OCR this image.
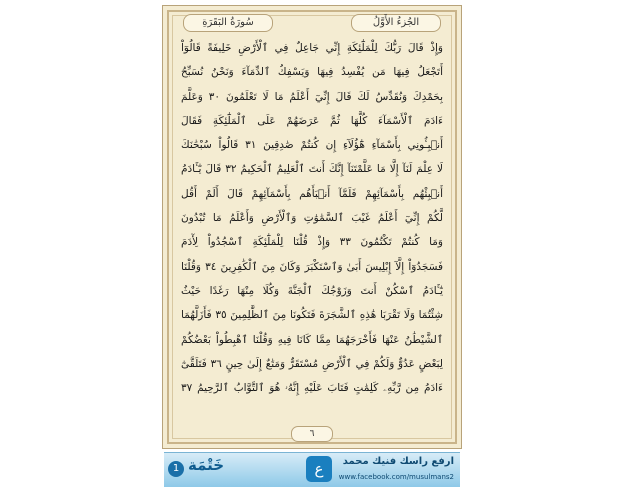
الجُزءُ الأَوَّلُ
سُورَةُ البَقَرَةِ
وَإِذْ قَالَ رَبُّكَ لِلْمَلَٰٓئِكَةِ إِنِّي جَاعِلٌ فِي ٱلْأَرْضِ خَلِيفَةً قَالُوٓاْ
أَتَجْعَلُ فِيهَا مَن يُفْسِدُ فِيهَا وَيَسْفِكُ ٱلدِّمَآءَ وَنَحْنُ نُسَبِّحُ
بِحَمْدِكَ وَنُقَدِّسُ لَكَ قَالَ إِنِّيٓ أَعْلَمُ مَا لَا تَعْلَمُونَ ٣٠ وَعَلَّمَ
ءَادَمَ ٱلْأَسْمَآءَ كُلَّهَا ثُمَّ عَرَضَهُمْ عَلَى ٱلْمَلَٰٓئِكَةِ فَقَالَ
أَنۢبِـُٔونِي بِأَسْمَآءِ هَٰٓؤُلَآءِ إِن كُنتُمْ صَٰدِقِينَ ٣١ قَالُواْ سُبْحَٰنَكَ
لَا عِلْمَ لَنَآ إِلَّا مَا عَلَّمْتَنَآ إِنَّكَ أَنتَ ٱلْعَلِيمُ ٱلْحَكِيمُ ٣٢ قَالَ يَٰٓـَٔادَمُ
أَنۢبِئْهُم بِأَسْمَآئِهِمْ فَلَمَّآ أَنۢبَأَهُم بِأَسْمَآئِهِمْ قَالَ أَلَمْ أَقُل
لَّكُمْ إِنِّيٓ أَعْلَمُ غَيْبَ ٱلسَّمَٰوَٰتِ وَٱلْأَرْضِ وَأَعْلَمُ مَا تُبْدُونَ
وَمَا كُنتُمْ تَكْتُمُونَ ٣٣ وَإِذْ قُلْنَا لِلْمَلَٰٓئِكَةِ ٱسْجُدُواْ لِأٓدَمَ
فَسَجَدُوٓاْ إِلَّآ إِبْلِيسَ أَبَىٰ وَٱسْتَكْبَرَ وَكَانَ مِنَ ٱلْكَٰفِرِينَ ٣٤ وَقُلْنَا
يَٰٓـَٔادَمُ ٱسْكُنْ أَنتَ وَزَوْجُكَ ٱلْجَنَّةَ وَكُلَا مِنْهَا رَغَدًا حَيْثُ
شِئْتُمَا وَلَا تَقْرَبَا هَٰذِهِ ٱلشَّجَرَةَ فَتَكُونَا مِنَ ٱلظَّٰلِمِينَ ٣٥ فَأَزَلَّهُمَا
ٱلشَّيْطَٰنُ عَنْهَا فَأَخْرَجَهُمَا مِمَّا كَانَا فِيهِ وَقُلْنَا ٱهْبِطُواْ بَعْضُكُمْ
لِبَعْضٍ عَدُوٌّ وَلَكُمْ فِي ٱلْأَرْضِ مُسْتَقَرٌّ وَمَتَٰعٌ إِلَىٰ حِينٍ ٣٦ فَتَلَقَّىٰٓ
ءَادَمُ مِن رَّبِّهِۦ كَلِمَٰتٍ فَتَابَ عَلَيْهِ إِنَّهُۥ هُوَ ٱلتَّوَّابُ ٱلرَّحِيمُ ٣٧
٦
1 خَتْمَة	ع	ارفع راسك فنيك محمد
www.facebook.com/musulmans2
